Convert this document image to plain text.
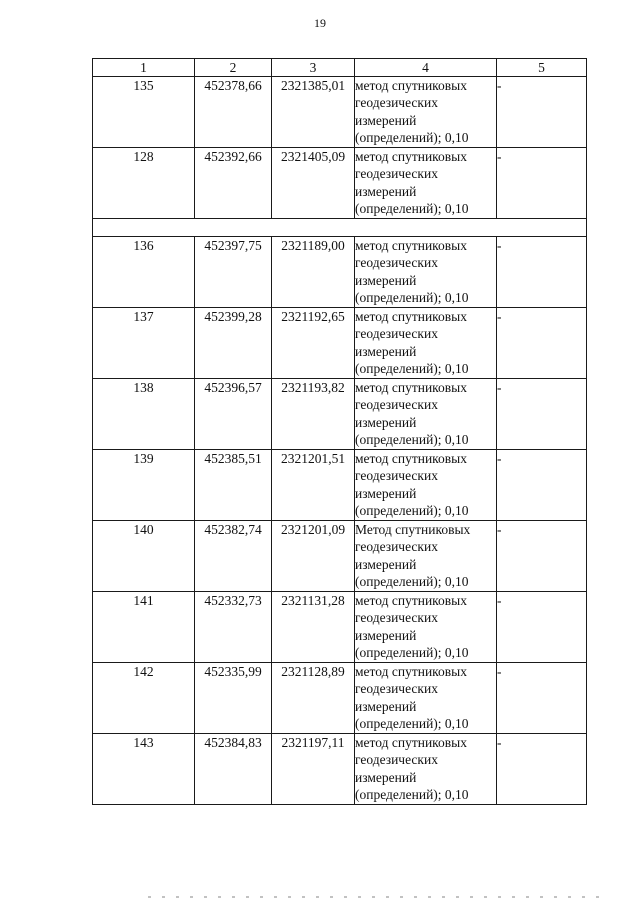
19
1	2	3	4	5
135	452378,66	2321385,01	метод спутниковых
геодезических
измерений
(определений); 0,10	-
128	452392,66	2321405,09	метод спутниковых
геодезических
измерений
(определений); 0,10	-

136	452397,75	2321189,00	метод спутниковых
геодезических
измерений
(определений); 0,10	-
137	452399,28	2321192,65	метод спутниковых
геодезических
измерений
(определений); 0,10	-
138	452396,57	2321193,82	метод спутниковых
геодезических
измерений
(определений); 0,10	-
139	452385,51	2321201,51	метод спутниковых
геодезических
измерений
(определений); 0,10	-
140	452382,74	2321201,09	Метод спутниковых
геодезических
измерений
(определений); 0,10	-
141	452332,73	2321131,28	метод спутниковых
геодезических
измерений
(определений); 0,10	-
142	452335,99	2321128,89	метод спутниковых
геодезических
измерений
(определений); 0,10	-
143	452384,83	2321197,11	метод спутниковых
геодезических
измерений
(определений); 0,10	-
